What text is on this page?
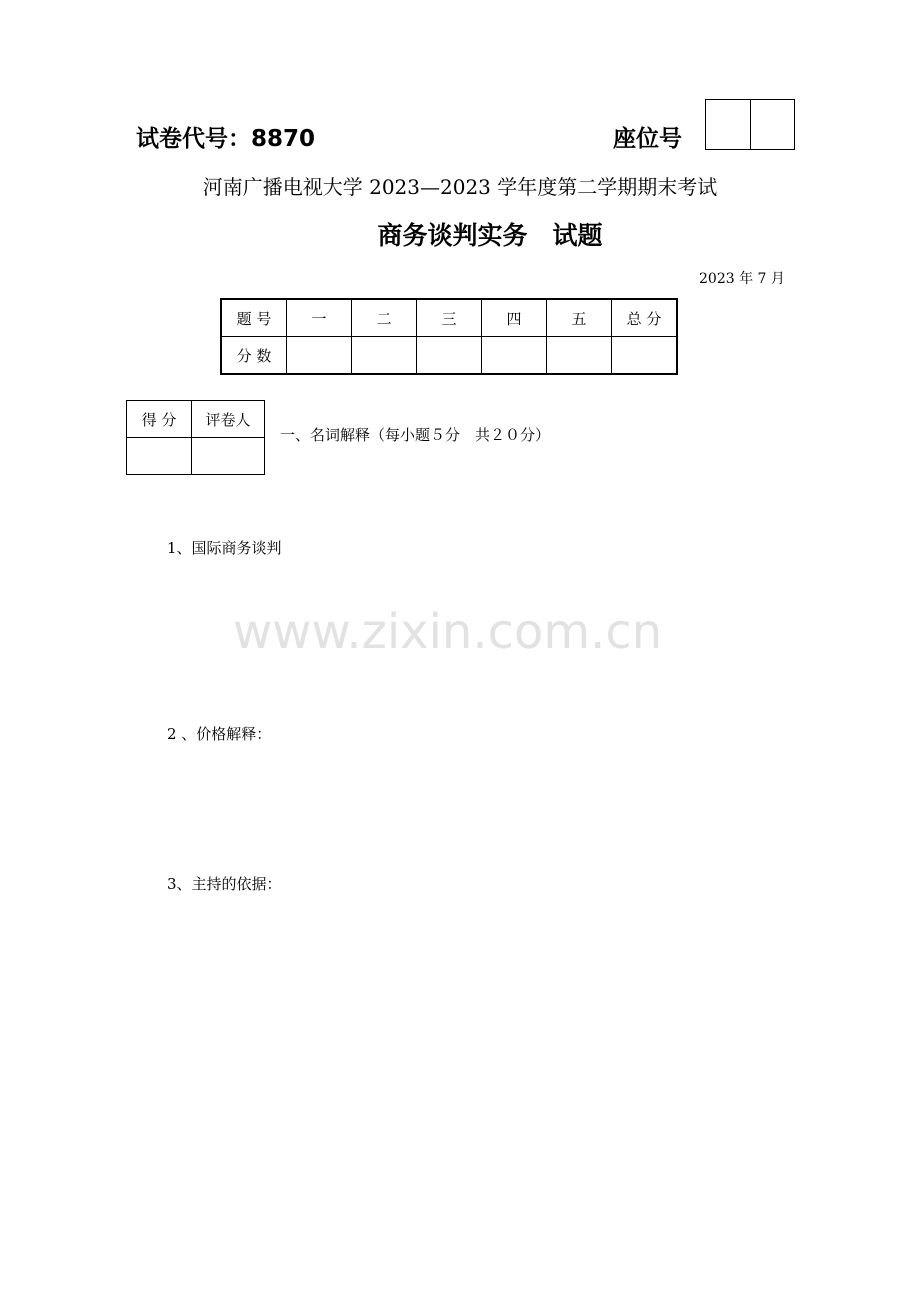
试卷代号：8870	座位号
河南广播电视大学 2023—2023 学年度第二学期期末考试
商务谈判实务　试题
2023 年 7 月
题 号	一	二	三	四	五	总 分
分 数						
得 分	评卷人

一、名词解释（每小题５分　共２０分）
www.zixin.com.cn
1、国际商务谈判
2 、价格解释：
3、主持的依据：
